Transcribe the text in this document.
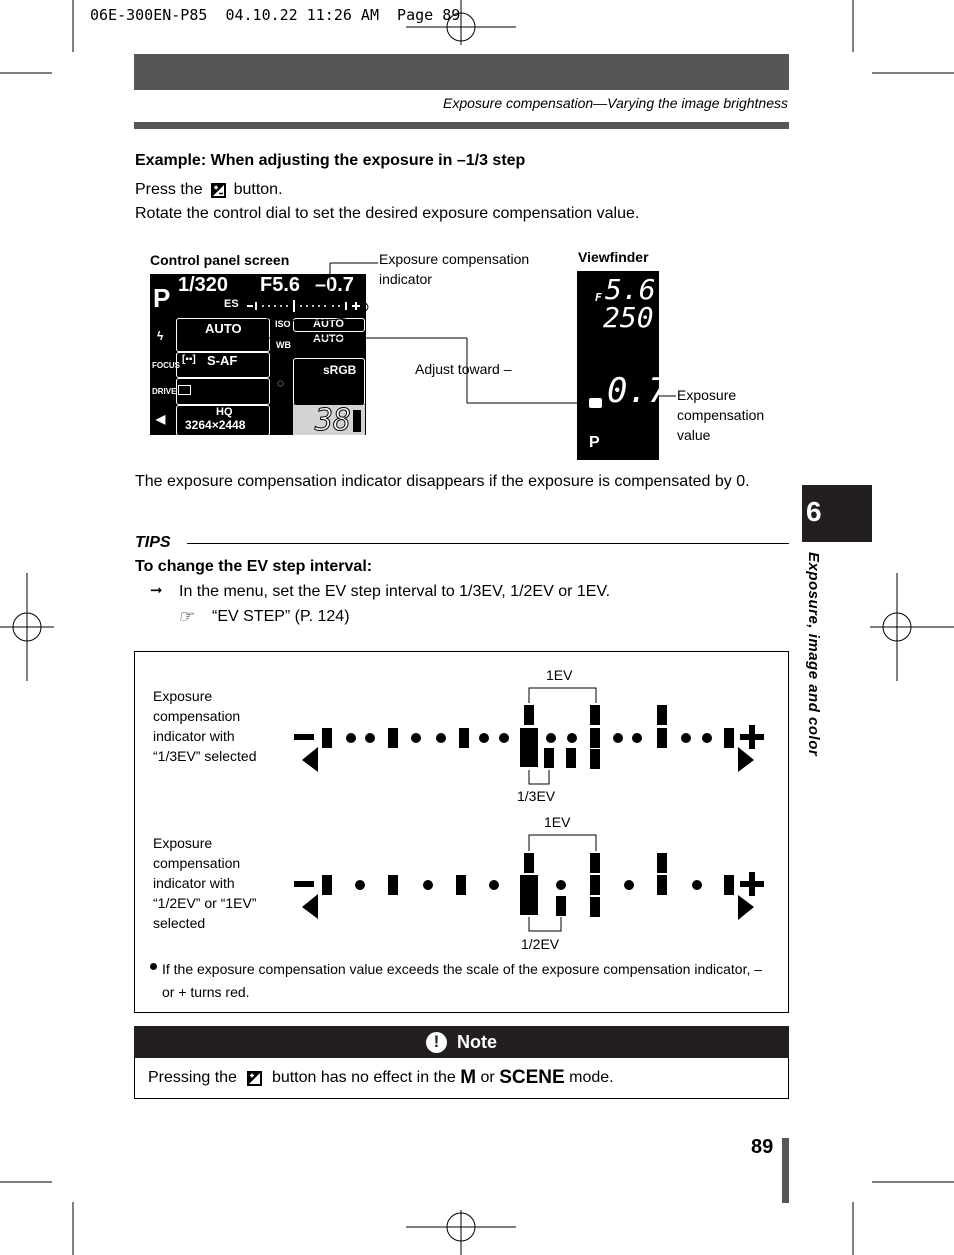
06E-300EN-P85  04.10.22 11:26 AM  Page 89
Exposure compensation—Varying the image brightness
Example: When adjusting the exposure in –1/3 step
Press the button.
Rotate the control dial to set the desired exposure compensation value.
Control panel screen	Exposure compensation indicator
Viewfinder
Adjust toward –
Exposure compensation value
P 1/320 F5.6 –0.7
ES
AUTO	ISO AUTO
WB AUTO
ϟ
FOCUS
[▪▪] S-AF
DRIVE
◌
sRGB
◀	HQ
3264×2448 38
F 5.6
250
0.7
P
The exposure compensation indicator disappears if the exposure is compensated by 0.
TIPS
To change the EV step interval:
➞ In the menu, set the EV step interval to 1/3EV, 1/2EV or 1EV.
☞ “EV STEP” (P. 124)
Exposure compensation indicator with “1/3EV” selected
1EV
1/3EV
Exposure compensation indicator with “1/2EV” or “1EV” selected
1EV
1/2EV
If the exposure compensation value exceeds the scale of the exposure compensation indicator, – or + turns red.
! Note
Pressing the

button has no effect in the
M
or
SCENE
mode.
6
Exposure, image and color
89
